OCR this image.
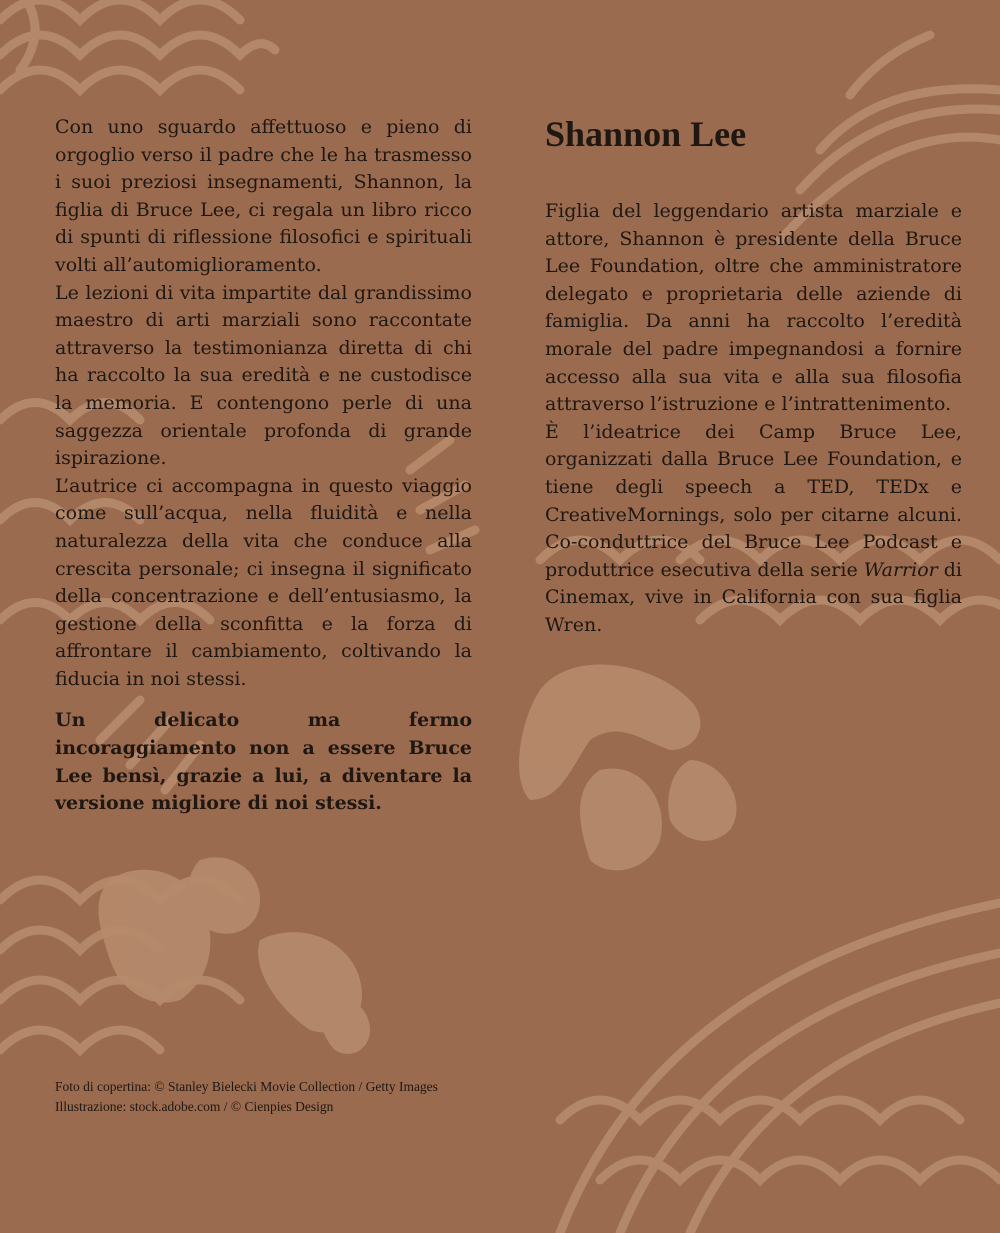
Con uno sguardo affettuoso e pieno di orgoglio verso il padre che le ha trasmesso i suoi preziosi insegnamenti, Shannon, la figlia di Bruce Lee, ci regala un libro ricco di spunti di riflessione filosofici e spirituali volti all’automiglioramento.

Le lezioni di vita impartite dal grandissimo maestro di arti marziali sono raccontate attraverso la testimonianza diretta di chi ha raccolto la sua eredità e ne custodisce la memoria. E contengono perle di una saggezza orientale profonda di grande ispirazione.

L’autrice ci accompagna in questo viaggio come sull’acqua, nella fluidità e nella naturalezza della vita che conduce alla crescita personale; ci insegna il significato della concentrazione e dell’entusiasmo, la gestione della sconfitta e la forza di affrontare il cambiamento, coltivando la fiducia in noi stessi.

Un delicato ma fermo incoraggiamento non a essere Bruce Lee bensì, grazie a lui, a diventare la versione migliore di noi stessi.

Shannon Lee

Figlia del leggendario artista marziale e attore, Shannon è presidente della Bruce Lee Foundation, oltre che amministratore delegato e proprietaria delle aziende di famiglia. Da anni ha raccolto l’eredità morale del padre impegnandosi a fornire accesso alla sua vita e alla sua filosofia attraverso l’istruzione e l’intrattenimento.

È l’ideatrice dei Camp Bruce Lee, organizzati dalla Bruce Lee Foundation, e tiene degli speech a TED, TEDx e CreativeMornings, solo per citarne alcuni. Co-conduttrice del Bruce Lee Podcast e produttrice esecutiva della serie Warrior di Cinemax, vive in California con sua figlia Wren.

Foto di copertina: © Stanley Bielecki Movie Collection / Getty Images
Illustrazione: stock.adobe.com / © Cienpies Design
